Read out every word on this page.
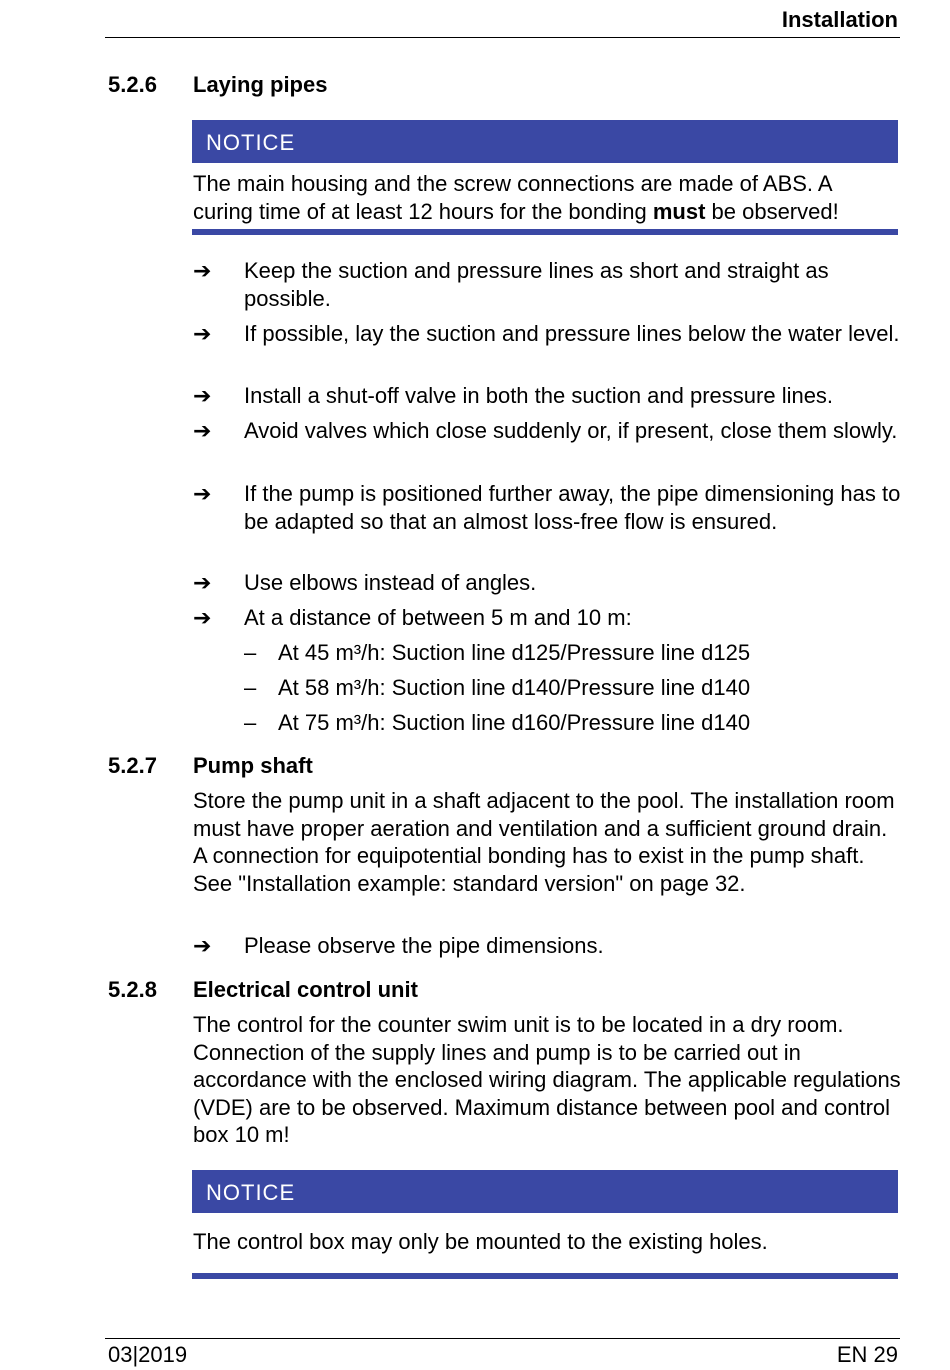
Installation
5.2.6 Laying pipes
NOTICE
The main housing and the screw connections are made of ABS. A
curing time of at least 12 hours for the bonding must be observed!
➔ Keep the suction and pressure lines as short and straight as possible.
➔ If possible, lay the suction and pressure lines below the water level.
➔ Install a shut-off valve in both the suction and pressure lines.
➔ Avoid valves which close suddenly or, if present, close them slowly.
➔ If the pump is positioned further away, the pipe dimensioning has to be adapted so that an almost loss-free flow is ensured.
➔ Use elbows instead of angles.
➔ At a distance of between 5 m and 10 m:
– At 45 m³/h: Suction line d125/Pressure line d125
– At 58 m³/h: Suction line d140/Pressure line d140
– At 75 m³/h: Suction line d160/Pressure line d140
5.2.7 Pump shaft
Store the pump unit in a shaft adjacent to the pool. The installation room must have proper aeration and ventilation and a sufficient ground drain. A connection for equipotential bonding has to exist in the pump shaft. See "Installation example: standard version" on page 32.
➔ Please observe the pipe dimensions.
5.2.8 Electrical control unit
The control for the counter swim unit is to be located in a dry room. Connection of the supply lines and pump is to be carried out in accordance with the enclosed wiring diagram. The applicable regulations (VDE) are to be observed. Maximum distance between pool and control box 10 m!
NOTICE
The control box may only be mounted to the existing holes.
03|2019	EN 29
